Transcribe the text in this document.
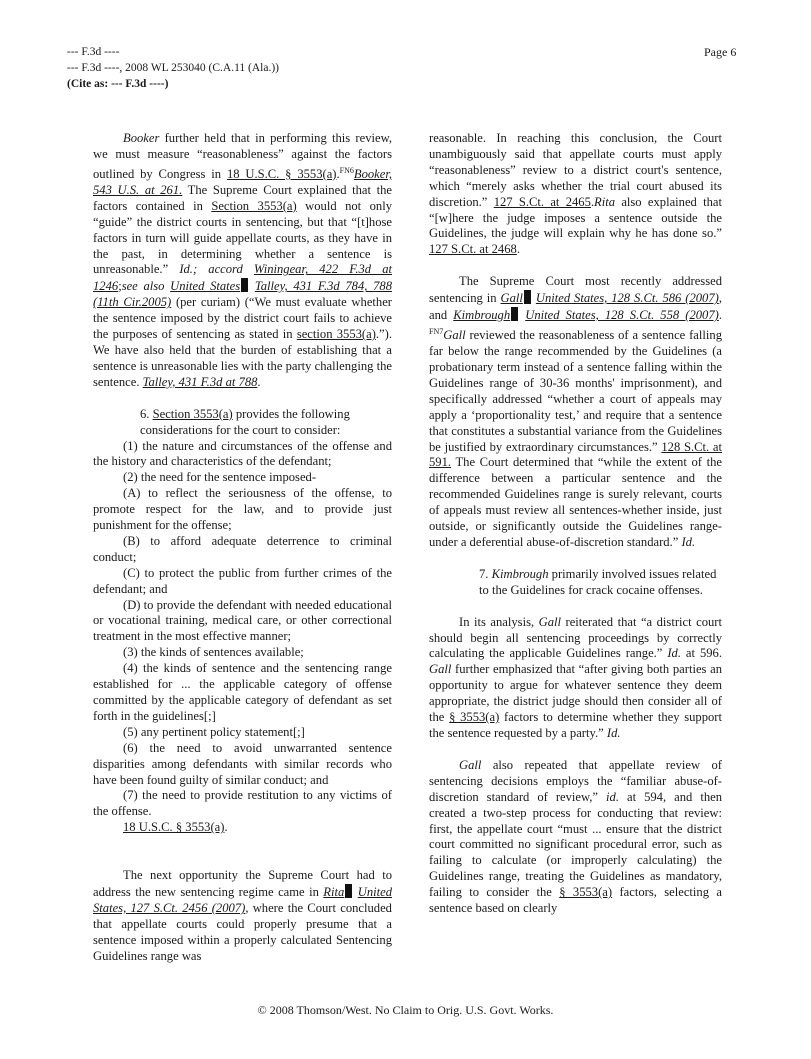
--- F.3d ----
--- F.3d ----, 2008 WL 253040 (C.A.11 (Ala.))
(Cite as: --- F.3d ----)
Page 6

Booker further held that in performing this review, we must measure “reasonableness” against the factors outlined by Congress in 18 U.S.C. § 3553(a).$^{FN6}$Booker, 543 U.S. at 261. The Supreme Court explained that the factors contained in Section 3553(a) would not only “guide” the district courts in sentencing, but that “[t]hose factors in turn will guide appellate courts, as they have in the past, in determining whether a sentence is unreasonable.” Id.; accord Winingear, 422 F.3d at 1246;see also United States Talley, 431 F.3d 784, 788 (11th Cir.2005) (per curiam) (“We must evaluate whether the sentence imposed by the district court fails to achieve the purposes of sentencing as stated in section 3553(a).”). We have also held that the burden of establishing that a sentence is unreasonable lies with the party challenging the sentence. Talley, 431 F.3d at 788.

6. Section 3553(a) provides the following considerations for the court to consider:

(1) the nature and circumstances of the offense and the history and characteristics of the defendant;

(2) the need for the sentence imposed-

(A) to reflect the seriousness of the offense, to promote respect for the law, and to provide just punishment for the offense;

(B) to afford adequate deterrence to criminal conduct;

(C) to protect the public from further crimes of the defendant; and

(D) to provide the defendant with needed educational or vocational training, medical care, or other correctional treatment in the most effective manner;

(3) the kinds of sentences available;

(4) the kinds of sentence and the sentencing range established for ... the applicable category of offense committed by the applicable category of defendant as set forth in the guidelines[;]

(5) any pertinent policy statement[;]

(6) the need to avoid unwarranted sentence disparities among defendants with similar records who have been found guilty of similar conduct; and

(7) the need to provide restitution to any victims of the offense.

18 U.S.C. § 3553(a).

The next opportunity the Supreme Court had to address the new sentencing regime came in Rita United States, 127 S.Ct. 2456 (2007), where the Court concluded that appellate courts could properly presume that a sentence imposed within a properly calculated Sentencing Guidelines range was

reasonable. In reaching this conclusion, the Court unambiguously said that appellate courts must apply “reasonableness” review to a district court's sentence, which “merely asks whether the trial court abused its discretion.” 127 S.Ct. at 2465.Rita also explained that “[w]here the judge imposes a sentence outside the Guidelines, the judge will explain why he has done so.” 127 S.Ct. at 2468.

The Supreme Court most recently addressed sentencing in Gall United States, 128 S.Ct. 586 (2007), and Kimbrough United States, 128 S.Ct. 558 (2007). $^{FN7}$Gall reviewed the reasonableness of a sentence falling far below the range recommended by the Guidelines (a probationary term instead of a sentence falling within the Guidelines range of 30-36 months' imprisonment), and specifically addressed “whether a court of appeals may apply a ‘proportionality test,’ and require that a sentence that constitutes a substantial variance from the Guidelines be justified by extraordinary circumstances.” 128 S.Ct. at 591. The Court determined that “while the extent of the difference between a particular sentence and the recommended Guidelines range is surely relevant, courts of appeals must review all sentences-whether inside, just outside, or significantly outside the Guidelines range-under a deferential abuse-of-discretion standard.” Id.

7. Kimbrough primarily involved issues related to the Guidelines for crack cocaine offenses.

In its analysis, Gall reiterated that “a district court should begin all sentencing proceedings by correctly calculating the applicable Guidelines range.” Id. at 596. Gall further emphasized that “after giving both parties an opportunity to argue for whatever sentence they deem appropriate, the district judge should then consider all of the § 3553(a) factors to determine whether they support the sentence requested by a party.” Id.

Gall also repeated that appellate review of sentencing decisions employs the “familiar abuse-of-discretion standard of review,” id. at 594, and then created a two-step process for conducting that review: first, the appellate court “must ... ensure that the district court committed no significant procedural error, such as failing to calculate (or improperly calculating) the Guidelines range, treating the Guidelines as mandatory, failing to consider the § 3553(a) factors, selecting a sentence based on clearly

© 2008 Thomson/West. No Claim to Orig. U.S. Govt. Works.
